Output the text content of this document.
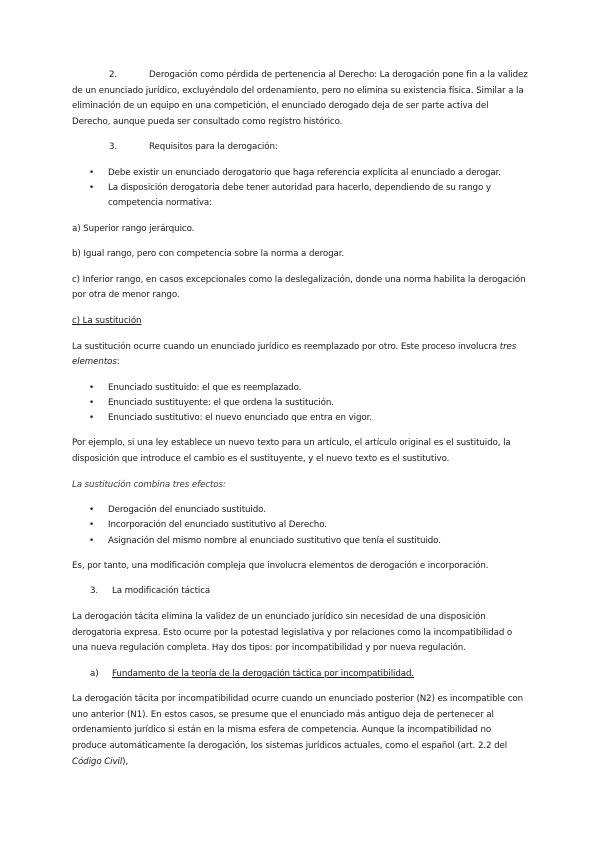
2.	Derogación como pérdida de pertenencia al Derecho: La derogación pone fin a la validez de un enunciado jurídico, excluyéndolo del ordenamiento, pero no elimina su existencia física. Similar a la eliminación de un equipo en una competición, el enunciado derogado deja de ser parte activa del Derecho, aunque pueda ser consultado como registro histórico.

3.	Requisitos para la derogación:

• Debe existir un enunciado derogatorio que haga referencia explícita al enunciado a derogar.
• La disposición derogatoria debe tener autoridad para hacerlo, dependiendo de su rango y competencia normativa:

a) Superior rango jerárquico.

b) Igual rango, pero con competencia sobre la norma a derogar.

c) Inferior rango, en casos excepcionales como la deslegalización, donde una norma habilita la derogación por otra de menor rango.

c) La sustitución

La sustitución ocurre cuando un enunciado jurídico es reemplazado por otro. Este proceso involucra tres elementos:

• Enunciado sustituido: el que es reemplazado.
• Enunciado sustituyente: el que ordena la sustitución.
• Enunciado sustitutivo: el nuevo enunciado que entra en vigor.

Por ejemplo, si una ley establece un nuevo texto para un artículo, el artículo original es el sustituido, la disposición que introduce el cambio es el sustituyente, y el nuevo texto es el sustitutivo.

La sustitución combina tres efectos:

• Derogación del enunciado sustituido.
• Incorporación del enunciado sustitutivo al Derecho.
• Asignación del mismo nombre al enunciado sustitutivo que tenía el sustituido.

Es, por tanto, una modificación compleja que involucra elementos de derogación e incorporación.

3. La modificación táctica

La derogación tácita elimina la validez de un enunciado jurídico sin necesidad de una disposición derogatoria expresa. Esto ocurre por la potestad legislativa y por relaciones como la incompatibilidad o una nueva regulación completa. Hay dos tipos: por incompatibilidad y por nueva regulación.

a) Fundamento de la teoría de la derogación táctica por incompatibilidad.

La derogación tácita por incompatibilidad ocurre cuando un enunciado posterior (N2) es incompatible con uno anterior (N1). En estos casos, se presume que el enunciado más antiguo deja de pertenecer al ordenamiento jurídico si están en la misma esfera de competencia. Aunque la incompatibilidad no produce automáticamente la derogación, los sistemas jurídicos actuales, como el español (art. 2.2 del Código Civil),
